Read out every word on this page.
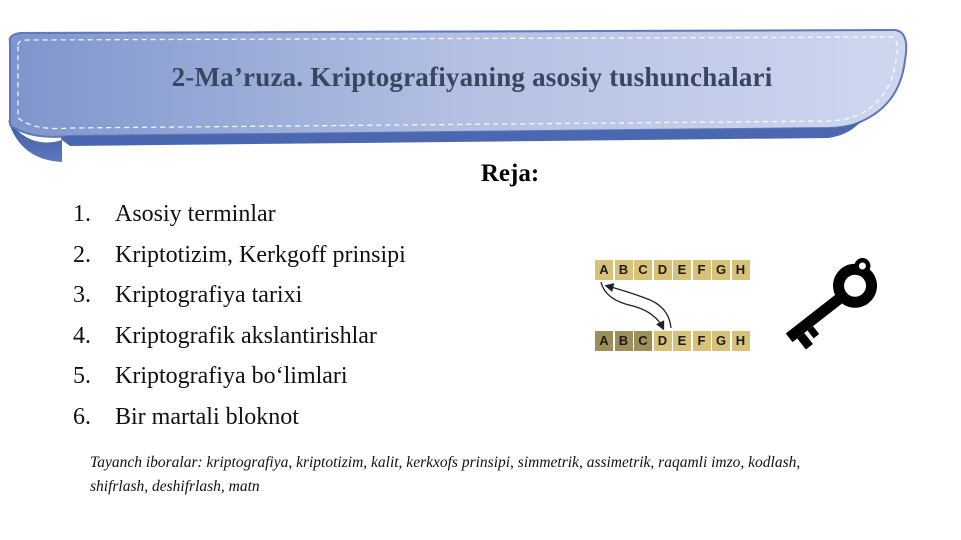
2-Ma’ruza. Kriptografiyaning asosiy tushunchalari
Reja:
1. Asosiy terminlar
2. Kriptotizim, Kerkgoff prinsipi
3. Kriptografiya tarixi
4. Kriptografik akslantirishlar
5. Kriptografiya bo‘limlari
6. Bir martali bloknot
A B C D E F G H
A B C D E F G H
Tayanch iboralar: kriptografiya, kriptotizim, kalit, kerkxofs prinsipi, simmetrik, assimetrik, raqamli imzo, kodlash, shifrlash, deshifrlash, matn
